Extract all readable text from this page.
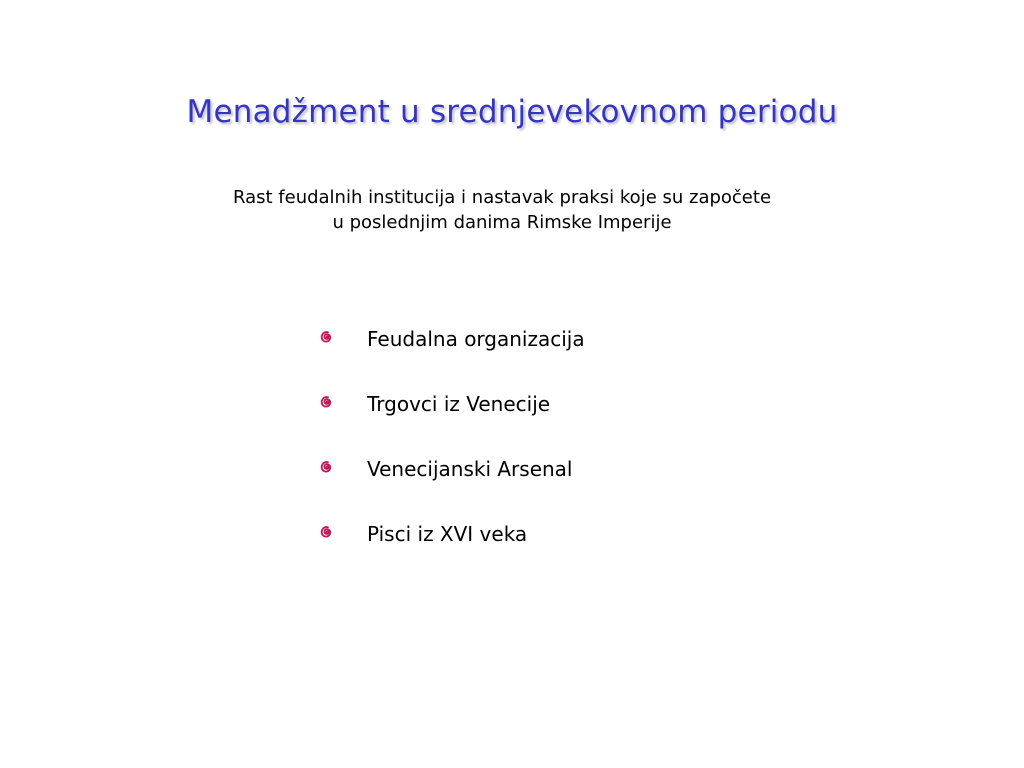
Menadžment u srednjevekovnom periodu
Rast feudalnih institucija i nastavak praksi koje su započete
u poslednjim danima Rimske Imperije
Feudalna organizacija
Trgovci iz Venecije
Venecijanski Arsenal
Pisci iz XVI veka
